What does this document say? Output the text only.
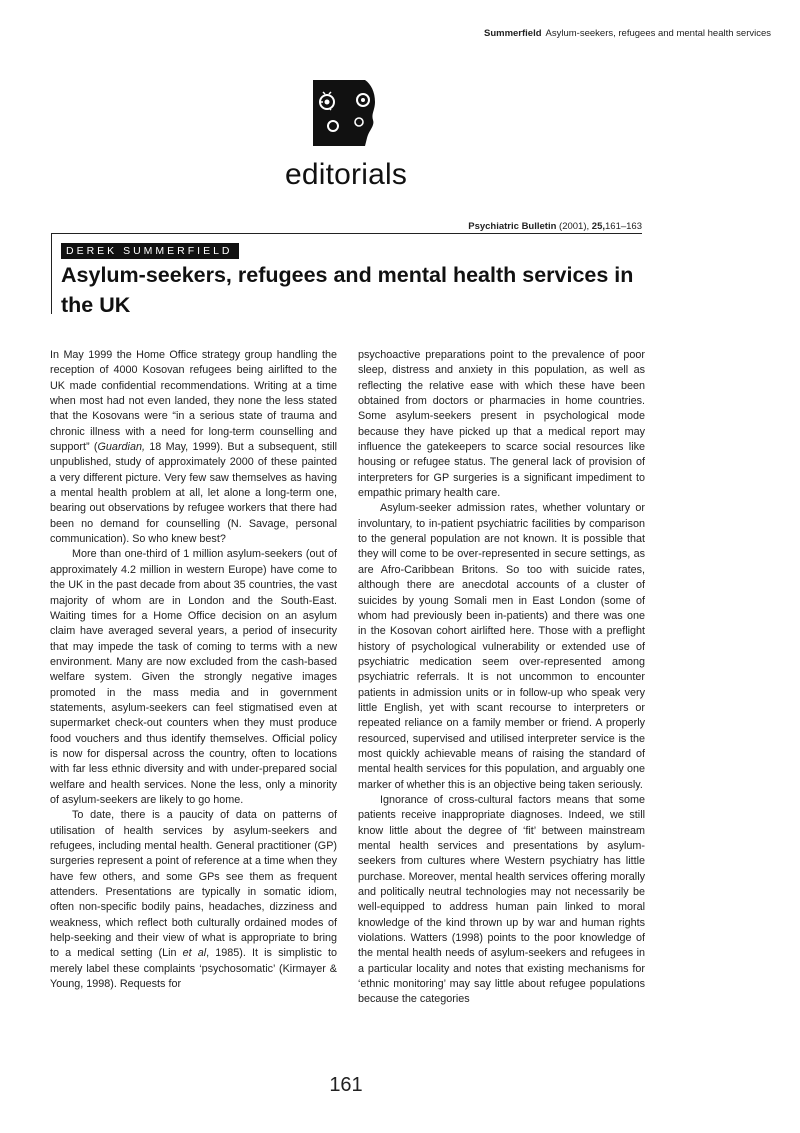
Summerfield Asylum-seekers, refugees and mental health services
editorials
Psychiatric Bulletin (2001), 25,161–163
DEREK SUMMERFIELD
Asylum-seekers, refugees and mental health services in the UK

In May 1999 the Home Office strategy group handling the reception of 4000 Kosovan refugees being airlifted to the UK made confidential recommendations. Writing at a time when most had not even landed, they none the less stated that the Kosovans were “in a serious state of trauma and chronic illness with a need for long-term counselling and support” (Guardian, 18 May, 1999). But a subsequent, still unpublished, study of approximately 2000 of these painted a very different picture. Very few saw themselves as having a mental health problem at all, let alone a long-term one, bearing out observations by refugee workers that there had been no demand for counselling (N. Savage, personal communication). So who knew best?

More than one-third of 1 million asylum-seekers (out of approximately 4.2 million in western Europe) have come to the UK in the past decade from about 35 countries, the vast majority of whom are in London and the South-East. Waiting times for a Home Office decision on an asylum claim have averaged several years, a period of insecurity that may impede the task of coming to terms with a new environment. Many are now excluded from the cash-based welfare system. Given the strongly negative images promoted in the mass media and in government statements, asylum-seekers can feel stigmatised even at supermarket check-out counters when they must produce food vouchers and thus identify themselves. Official policy is now for dispersal across the country, often to locations with far less ethnic diversity and with under-prepared social welfare and health services. None the less, only a minority of asylum-seekers are likely to go home.

To date, there is a paucity of data on patterns of utilisation of health services by asylum-seekers and refugees, including mental health. General practitioner (GP) surgeries represent a point of reference at a time when they have few others, and some GPs see them as frequent attenders. Presentations are typically in somatic idiom, often non-specific bodily pains, headaches, dizziness and weakness, which reflect both culturally ordained modes of help-seeking and their view of what is appropriate to bring to a medical setting (Lin et al, 1985). It is simplistic to merely label these complaints ‘psychosomatic’ (Kirmayer & Young, 1998). Requests for

psychoactive preparations point to the prevalence of poor sleep, distress and anxiety in this population, as well as reflecting the relative ease with which these have been obtained from doctors or pharmacies in home countries. Some asylum-seekers present in psychological mode because they have picked up that a medical report may influence the gatekeepers to scarce social resources like housing or refugee status. The general lack of provision of interpreters for GP surgeries is a significant impediment to empathic primary health care.

Asylum-seeker admission rates, whether voluntary or involuntary, to in-patient psychiatric facilities by comparison to the general population are not known. It is possible that they will come to be over-represented in secure settings, as are Afro-Caribbean Britons. So too with suicide rates, although there are anecdotal accounts of a cluster of suicides by young Somali men in East London (some of whom had previously been in-patients) and there was one in the Kosovan cohort airlifted here. Those with a preflight history of psychological vulnerability or extended use of psychiatric medication seem over-represented among psychiatric referrals. It is not uncommon to encounter patients in admission units or in follow-up who speak very little English, yet with scant recourse to interpreters or repeated reliance on a family member or friend. A properly resourced, supervised and utilised interpreter service is the most quickly achievable means of raising the standard of mental health services for this population, and arguably one marker of whether this is an objective being taken seriously.

Ignorance of cross-cultural factors means that some patients receive inappropriate diagnoses. Indeed, we still know little about the degree of ‘fit’ between mainstream mental health services and presentations by asylum-seekers from cultures where Western psychiatry has little purchase. Moreover, mental health services offering morally and politically neutral technologies may not necessarily be well-equipped to address human pain linked to moral knowledge of the kind thrown up by war and human rights violations. Watters (1998) points to the poor knowledge of the mental health needs of asylum-seekers and refugees in a particular locality and notes that existing mechanisms for ‘ethnic monitoring’ may say little about refugee populations because the categories

161
